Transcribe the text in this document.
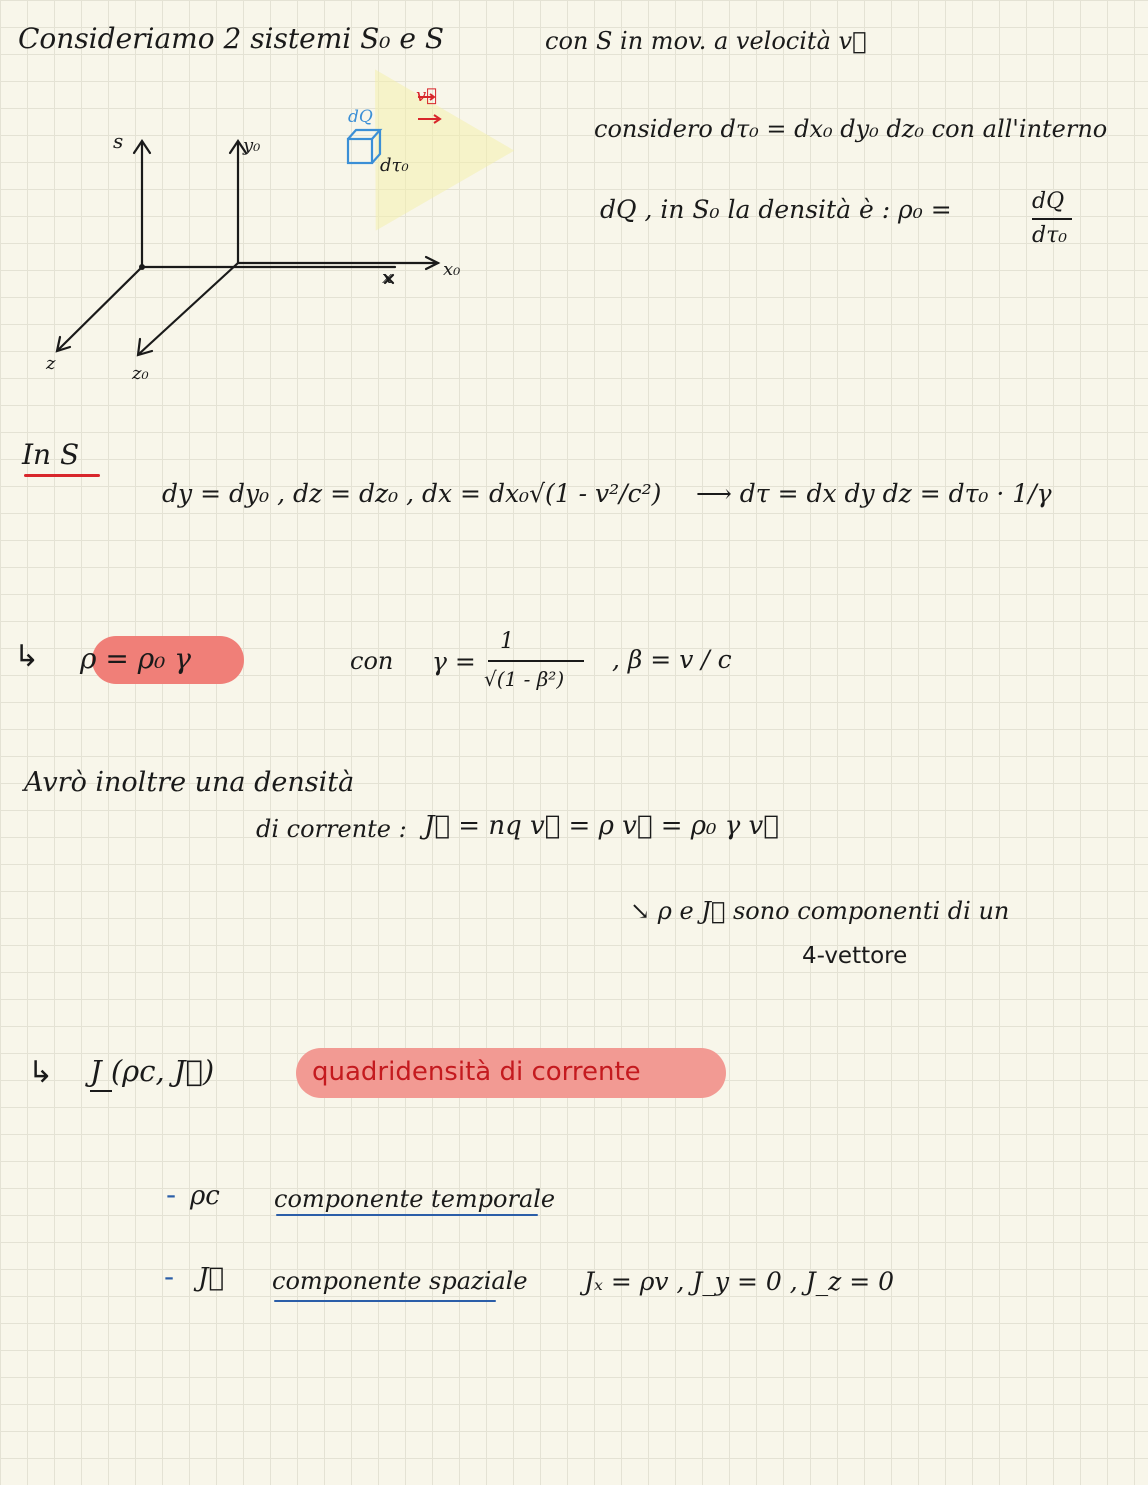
Consideriamo 2 sistemi S₀ e S	con S in mov. a velocità v⃗
s	y₀
x	x₀
z	z₀
dQ
dτ₀
v⃗
considero dτ₀ = dx₀ dy₀ dz₀ con all'interno
dQ , in S₀ la densità è : ρ₀ =	dQ
dτ₀
In S
dy = dy₀ , dz = dz₀ , dx = dx₀√(1 - v²/c²) ⟶ dτ = dx dy dz = dτ₀ · 1/γ
↳ ρ = ρ₀ γ	con γ =
1
√(1 - β²)
, β = v / c
Avrò inoltre una densità
di corrente : J⃗ = nq v⃗ = ρ v⃗ = ρ₀ γ v⃗
↘ ρ e J⃗ sono componenti di un
4-vettore
↳ J (ρc, J⃗)	quadridensità di corrente
- ρc componente temporale
- J⃗ componente spaziale Jₓ = ρv , J_y = 0 , J_z = 0
